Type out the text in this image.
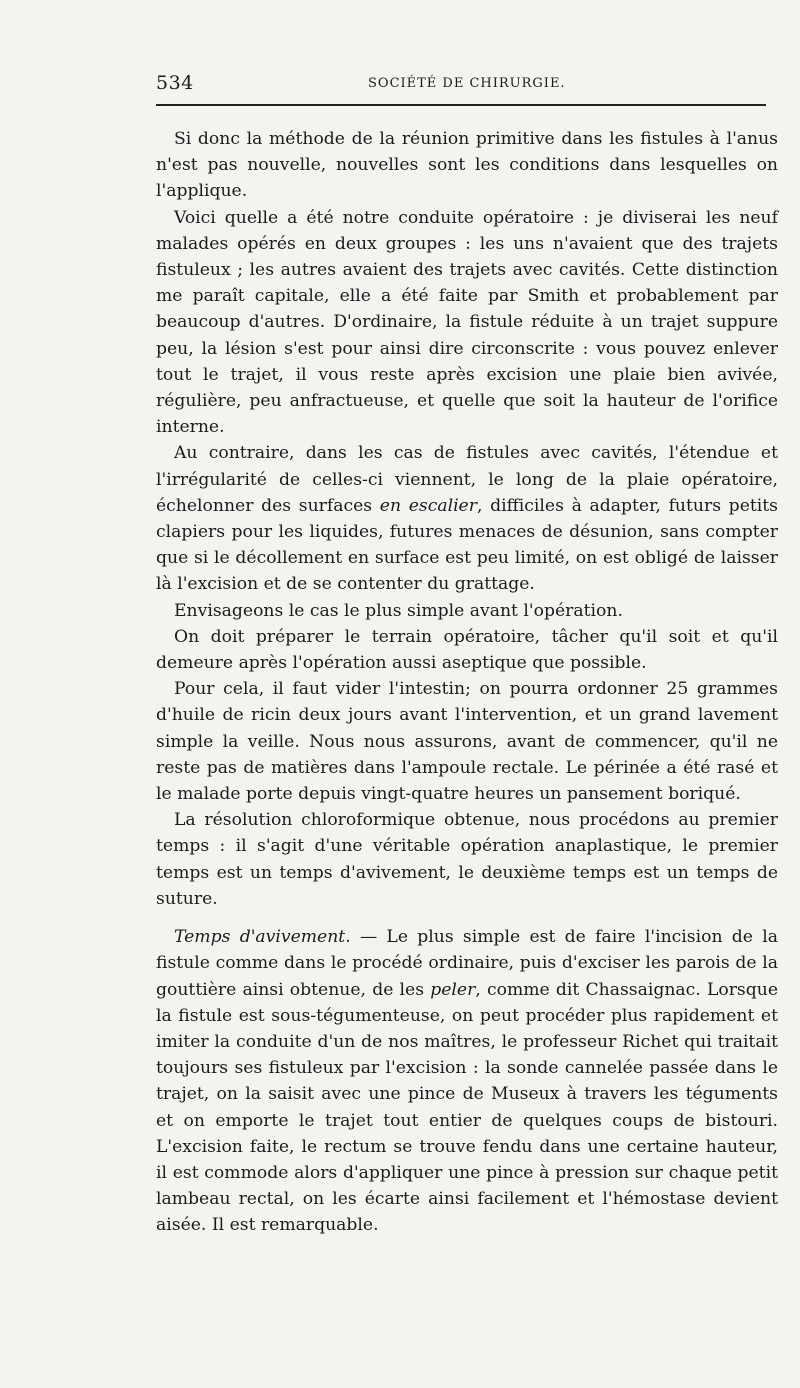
534	SOCIÉTÉ DE CHIRURGIE.

Si donc la méthode de la réunion primitive dans les fistules à l'anus n'est pas nouvelle, nouvelles sont les conditions dans lesquelles on l'applique.

Voici quelle a été notre conduite opératoire : je diviserai les neuf malades opérés en deux groupes : les uns n'avaient que des trajets fistuleux ; les autres avaient des trajets avec cavités. Cette distinction me paraît capitale, elle a été faite par Smith et probablement par beaucoup d'autres. D'ordinaire, la fistule réduite à un trajet suppure peu, la lésion s'est pour ainsi dire circonscrite : vous pouvez enlever tout le trajet, il vous reste après excision une plaie bien avivée, régulière, peu anfractueuse, et quelle que soit la hauteur de l'orifice interne.

Au contraire, dans les cas de fistules avec cavités, l'étendue et l'irrégularité de celles-ci viennent, le long de la plaie opératoire, échelonner des surfaces en escalier, difficiles à adapter, futurs petits clapiers pour les liquides, futures menaces de désunion, sans compter que si le décollement en surface est peu limité, on est obligé de laisser là l'excision et de se contenter du grattage.

Envisageons le cas le plus simple avant l'opération.

On doit préparer le terrain opératoire, tâcher qu'il soit et qu'il demeure après l'opération aussi aseptique que possible.

Pour cela, il faut vider l'intestin; on pourra ordonner 25 grammes d'huile de ricin deux jours avant l'intervention, et un grand lavement simple la veille. Nous nous assurons, avant de commencer, qu'il ne reste pas de matières dans l'ampoule rectale. Le périnée a été rasé et le malade porte depuis vingt-quatre heures un pansement boriqué.

La résolution chloroformique obtenue, nous procédons au premier temps : il s'agit d'une véritable opération anaplastique, le premier temps est un temps d'avivement, le deuxième temps est un temps de suture.

Temps d'avivement. — Le plus simple est de faire l'incision de la fistule comme dans le procédé ordinaire, puis d'exciser les parois de la gouttière ainsi obtenue, de les peler, comme dit Chassaignac. Lorsque la fistule est sous-tégumenteuse, on peut procéder plus rapidement et imiter la conduite d'un de nos maîtres, le professeur Richet qui traitait toujours ses fistuleux par l'excision : la sonde cannelée passée dans le trajet, on la saisit avec une pince de Museux à travers les téguments et on emporte le trajet tout entier de quelques coups de bistouri. L'excision faite, le rectum se trouve fendu dans une certaine hauteur, il est commode alors d'appliquer une pince à pression sur chaque petit lambeau rectal, on les écarte ainsi facilement et l'hémostase devient aisée. Il est remarquable.
